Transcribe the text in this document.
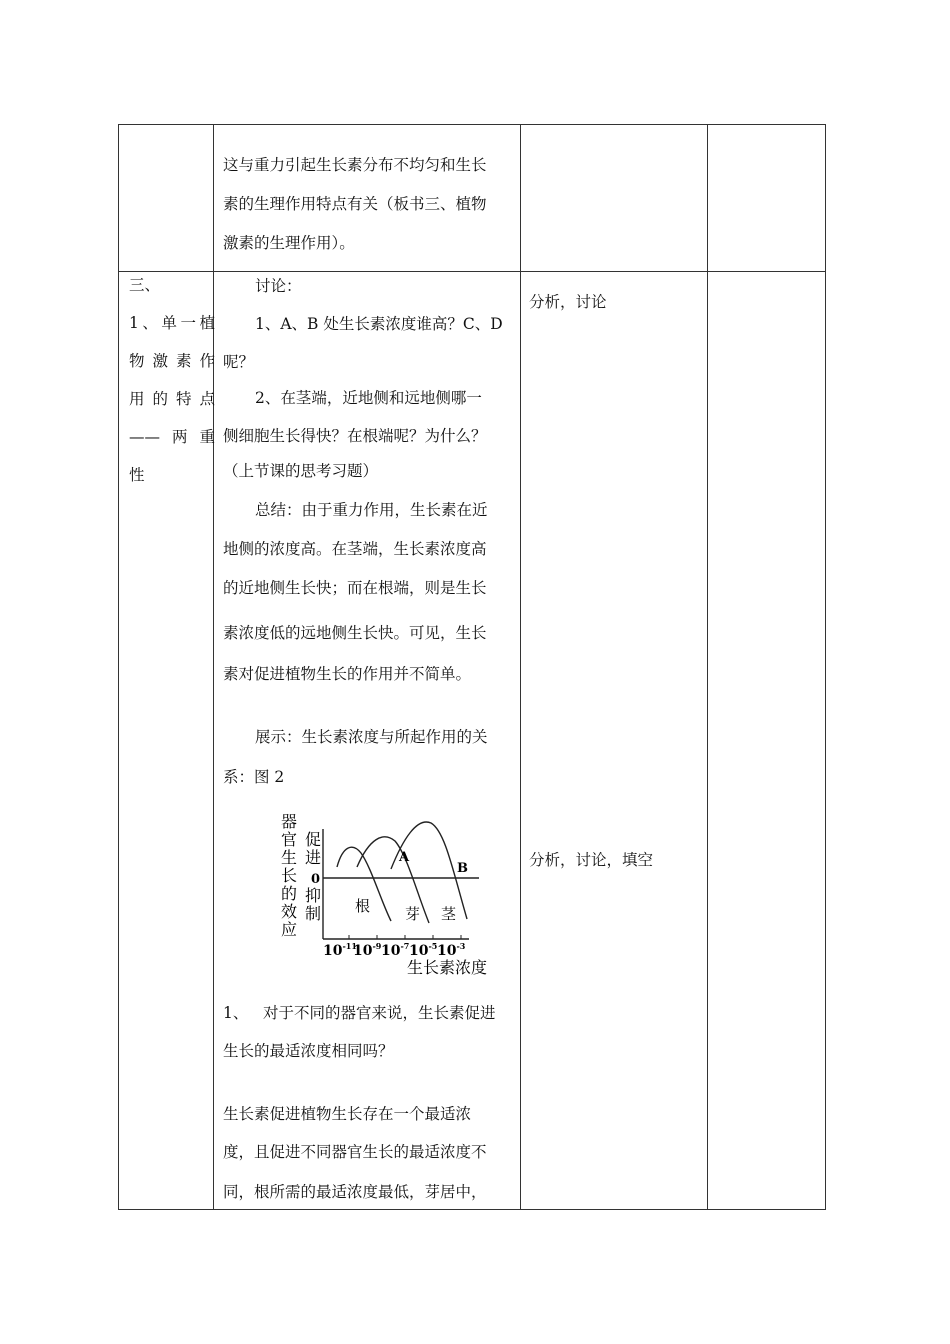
这与重力引起生长素分布不均匀和生长
素的生理作用特点有关（板书三、植物
激素的生理作用）。
三、
1、单一植
物激素作
用的特点
——两重
性
讨论：
1、A、B 处生长素浓度谁高？C、D
呢？
2、在茎端，近地侧和远地侧哪一
侧细胞生长得快？在根端呢？为什么？
（上节课的思考习题）
总结：由于重力作用，生长素在近
地侧的浓度高。在茎端，生长素浓度高
的近地侧生长快；而在根端，则是生长
素浓度低的远地侧生长快。可见，生长
素对促进植物生长的作用并不简单。
展示：生长素浓度与所起作用的关
系：图 2
器
官
生
长
的
效
应
促
进
0
抑
制
A
B
根 芽 茎
$10^{-11}$
$10^{-9}$ $10^{-7}$ $10^{-5}$ $10^{-3}$
生长素浓度
1、 对于不同的器官来说，生长素促进
生长的最适浓度相同吗？
生长素促进植物生长存在一个最适浓
度，且促进不同器官生长的最适浓度不
同，根所需的最适浓度最低，芽居中，
分析，讨论
分析，讨论，填空
